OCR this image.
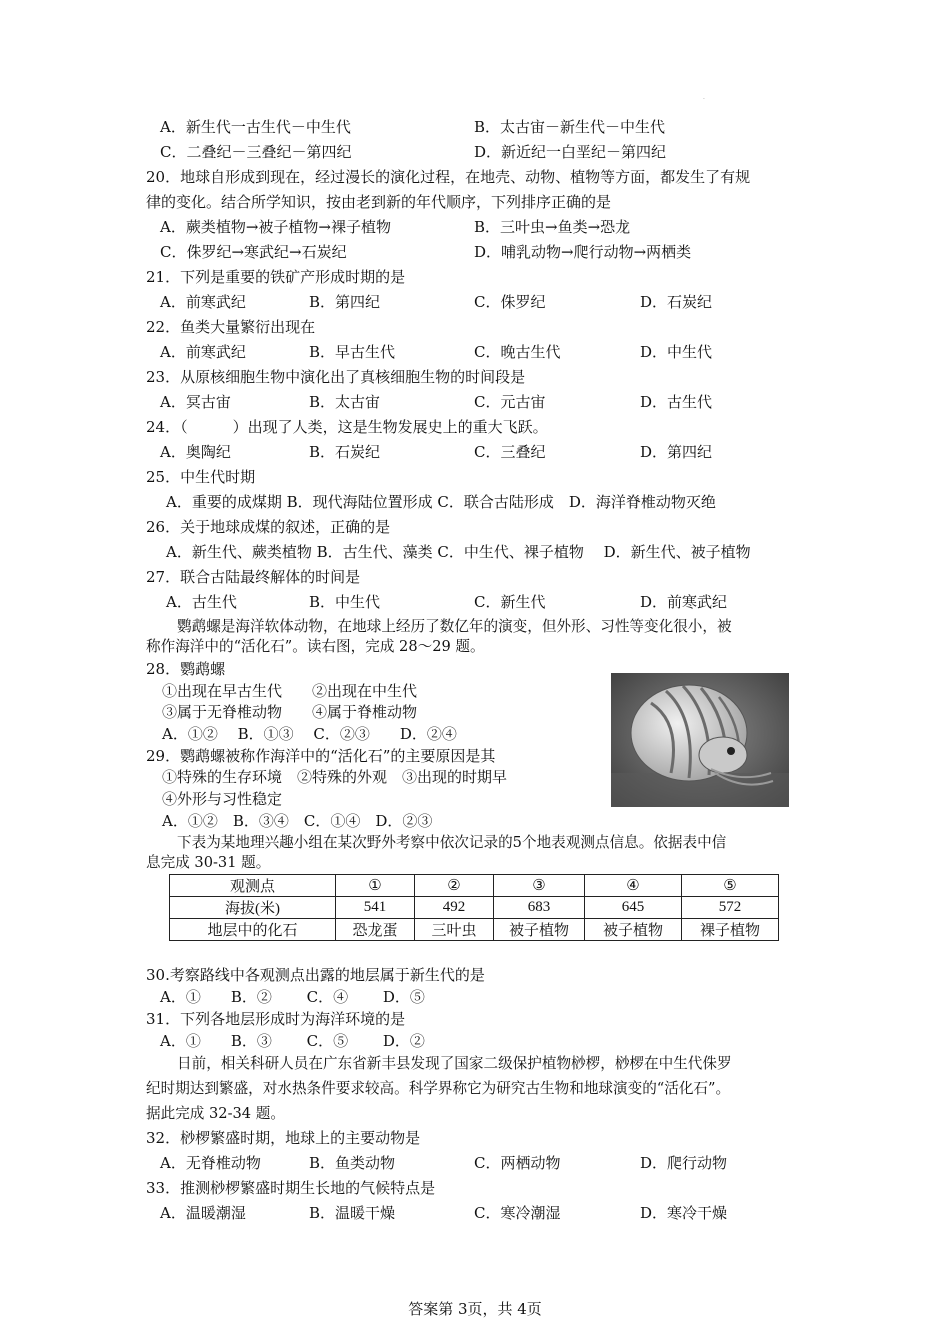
·
A．新生代一古生代－中生代	B．太古宙－新生代－中生代
C．二叠纪－三叠纪－第四纪	D．新近纪一白垩纪－第四纪
20．地球自形成到现在，经过漫长的演化过程，在地壳、动物、植物等方面，都发生了有规
律的变化。结合所学知识，按由老到新的年代顺序，下列排序正确的是
A．蕨类植物→被子植物→裸子植物	B．三叶虫→鱼类→恐龙
C．侏罗纪→寒武纪→石炭纪	D．哺乳动物→爬行动物→两栖类
21．下列是重要的铁矿产形成时期的是
A．前寒武纪	B．第四纪	C．侏罗纪	D．石炭纪
22．鱼类大量繁衍出现在
A．前寒武纪	B．早古生代	C．晚古生代	D．中生代
23．从原核细胞生物中演化出了真核细胞生物的时间段是
A．冥古宙	B．太古宙	C．元古宙	D．古生代
24．（　　　）出现了人类，这是生物发展史上的重大飞跃。
A．奥陶纪	B．石炭纪	C．三叠纪	D．第四纪
25．中生代时期
A．重要的成煤期 B．现代海陆位置形成 C．联合古陆形成　D．海洋脊椎动物灭绝
26．关于地球成煤的叙述，正确的是
A．新生代、蕨类植物 B．古生代、藻类 C．中生代、裸子植物　 D．新生代、被子植物
27．联合古陆最终解体的时间是
A．古生代	B．中生代	C．新生代	D．前寒武纪
鹦鹉螺是海洋软体动物，在地球上经历了数亿年的演变，但外形、习性等变化很小，被
称作海洋中的“活化石”。读右图，完成 28～29 题。
28．鹦鹉螺
①出现在早古生代　　②出现在中生代
③属于无脊椎动物　　④属于脊椎动物
A．①②　 B．①③　 C．②③　　D．②④
29．鹦鹉螺被称作海洋中的“活化石”的主要原因是其
①特殊的生存环境　②特殊的外观　③出现的时期早
④外形与习性稳定
A．①②　B．③④　C．①④　D．②③
下表为某地理兴趣小组在某次野外考察中依次记录的5个地表观测点信息。依据表中信
息完成 30-31 题。
观测点	①	②	③	④	⑤
海拔(米)	541	492	683	645	572
地层中的化石	恐龙蛋	三叶虫	被子植物	被子植物	裸子植物
30.考察路线中各观测点出露的地层属于新生代的是
A．①　　B．②　　 C．④　　 D．⑤
31．下列各地层形成时为海洋环境的是
A．①　　B．③　　 C．⑤　　 D．②
日前，相关科研人员在广东省新丰县发现了国家二级保护植物桫椤，桫椤在中生代侏罗
纪时期达到繁盛，对水热条件要求较高。科学界称它为研究古生物和地球演变的“活化石”。
据此完成 32-34 题。
32．桫椤繁盛时期，地球上的主要动物是
A．无脊椎动物	B．鱼类动物	C．两栖动物	D．爬行动物
33．推测桫椤繁盛时期生长地的气候特点是
A．温暖潮湿	B．温暖干燥	C．寒冷潮湿	D．寒冷干燥
答案第 3页，共 4页
